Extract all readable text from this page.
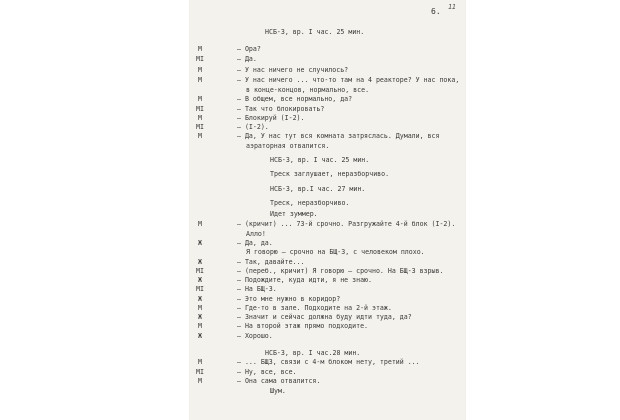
6. 11
НСБ-3, вр. I час. 25 мин.
М	– Ора?
МI	– Да.
М	– У нас ничего не случилось?
М	– У нас ничего ... что-то там на 4 реакторе? У нас пока,
в конце-концов, нормально, все.
М	– В общем, все нормально, да?
МI	– Так что блокировать?
М	– Блокируй (I-2).
МI	– (I-2).
М	– Да, У нас тут вся комната затряслась. Думали, вся
аэраторная отвалится.
НСБ-3, вр. I час. 25 мин.
Треск заглушает, неразборчиво.
НСБ-3, вр.I час. 27 мин.
Треск, неразборчиво.
Идет зуммер.
М	– (кричит) ... 73-й срочно. Разгружайте 4-й блок (I-2).
Алло!
Ж	– Да, да.
Я говорю – срочно на БЩ-3, с человеком плохо.
Ж	– Так, давайте...
МI	– (переб., кричит) Я говорю – срочно. На БЩ-3 взрыв.
Ж	– Подождите, куда идти, я не знаю.
МI	– На БЩ-3.
Ж	– Это мне нужно в коридор?
М	– Где-то в зале. Подходите на 2-й этаж.
Ж	– Значит и сейчас должна буду идти туда, да?
М	– На второй этаж прямо подходите.
Ж	– Хорошо.
НСБ-3, вр. I час.28 мин.
М	– ... БЩ3, связи с 4-м блоком нету, третий ...
МI	– Ну, все, все.
М	– Она сама отвалится.
Шум.
